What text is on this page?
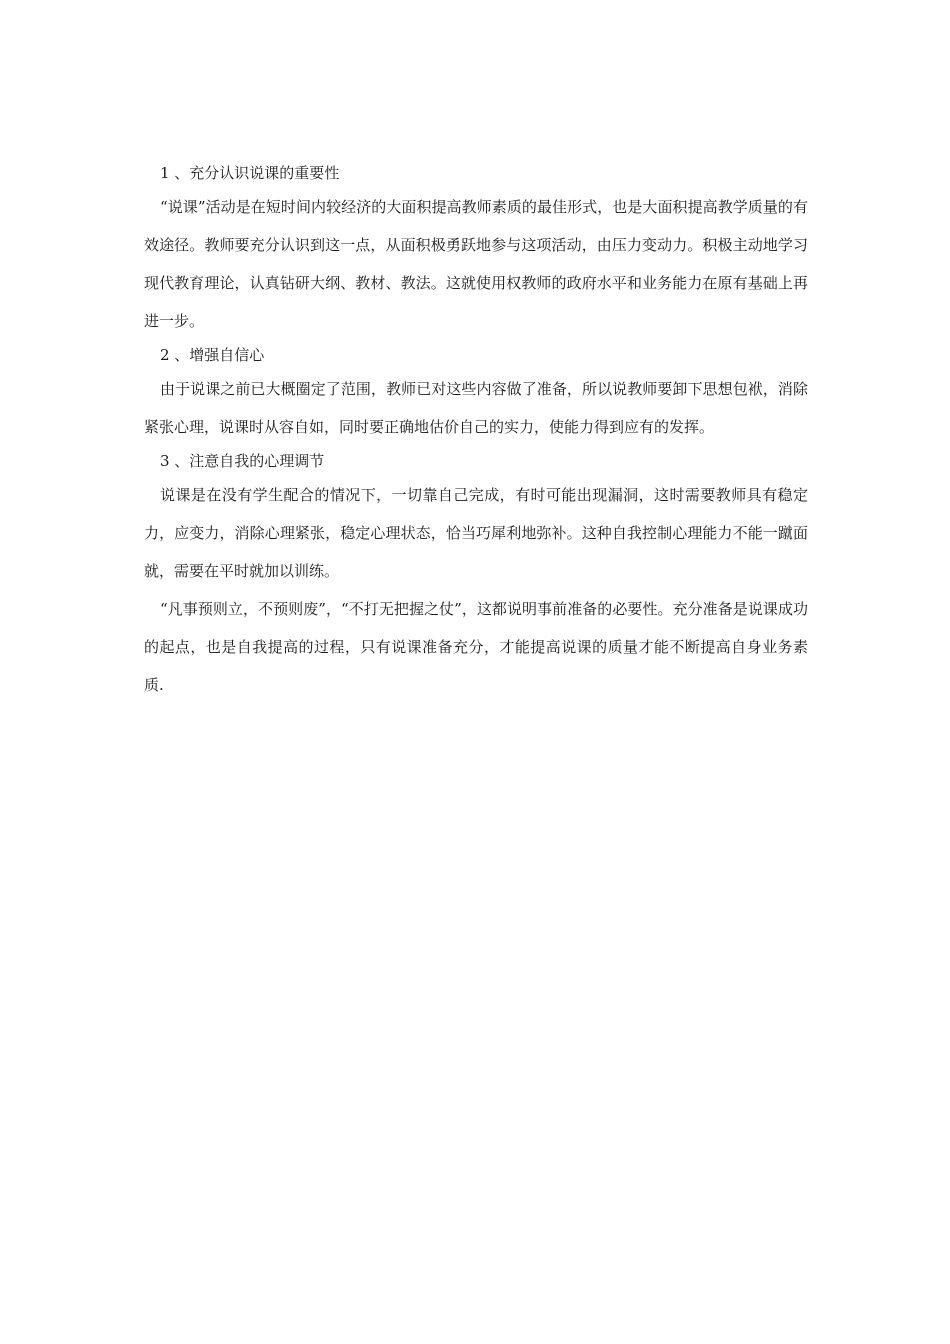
1 、充分认识说课的重要性

“说课”活动是在短时间内较经济的大面积提高教师素质的最佳形式，也是大面积提高教学质量的有效途径。教师要充分认识到这一点，从面积极勇跃地参与这项活动，由压力变动力。积极主动地学习现代教育理论，认真钻研大纲、教材、教法。这就使用权教师的政府水平和业务能力在原有基础上再进一步。

2 、增强自信心

由于说课之前已大概圈定了范围，教师已对这些内容做了准备，所以说教师要卸下思想包袱，消除紧张心理，说课时从容自如，同时要正确地估价自己的实力，使能力得到应有的发挥。

3 、注意自我的心理调节

说课是在没有学生配合的情况下，一切靠自己完成，有时可能出现漏洞，这时需要教师具有稳定力，应变力，消除心理紧张，稳定心理状态，恰当巧犀利地弥补。这种自我控制心理能力不能一蹴面就，需要在平时就加以训练。

“凡事预则立，不预则废”，“不打无把握之仗”，这都说明事前准备的必要性。充分准备是说课成功的起点，也是自我提高的过程，只有说课准备充分，才能提高说课的质量才能不断提高自身业务素质.
